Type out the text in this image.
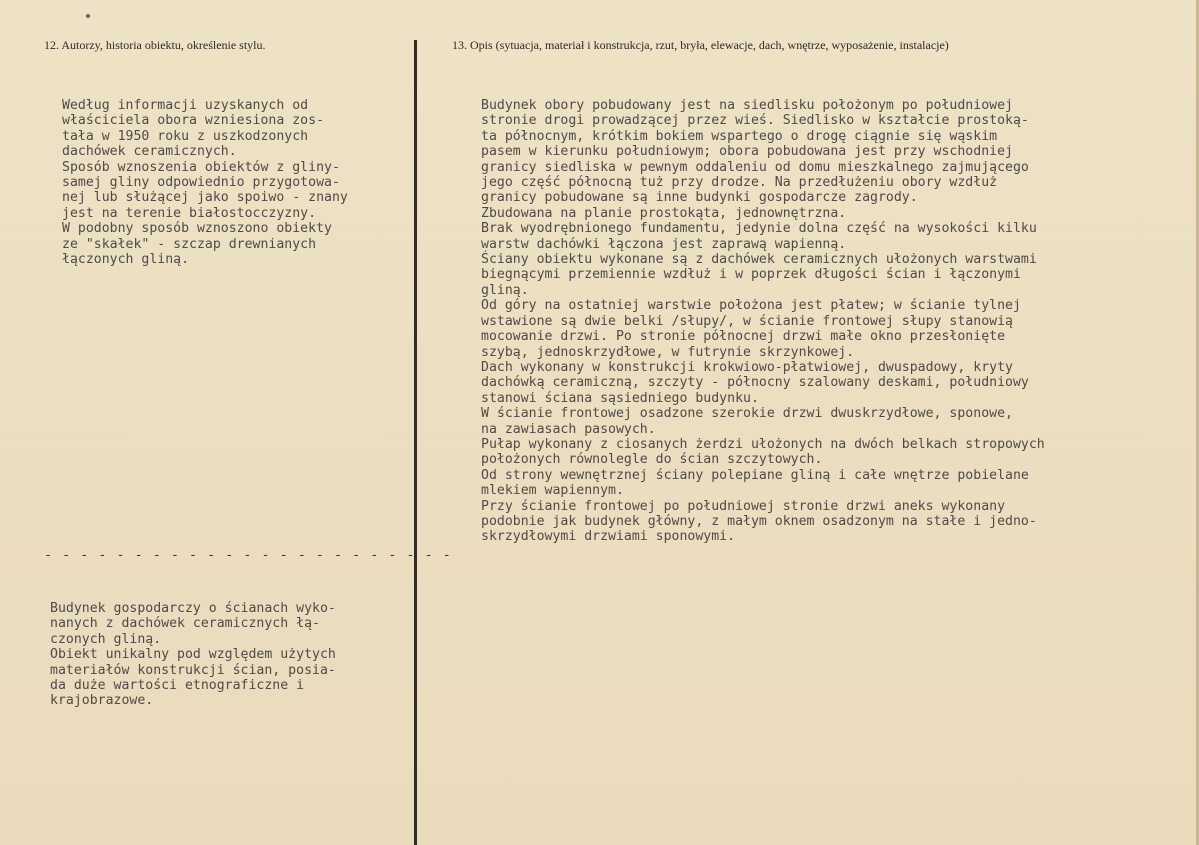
12. Autorzy, historia obiektu, określenie stylu.	13. Opis (sytuacja, materiał i konstrukcja, rzut, bryła, elewacje, dach, wnętrze, wyposażenie, instalacje)
Według informacji uzyskanych od
właściciela obora wzniesiona zos-
tała w 1950 roku z uszkodzonych
dachówek ceramicznych.
Sposób wznoszenia obiektów z gliny-
samej gliny odpowiednio przygotowa-
nej lub służącej jako spoiwo - znany
jest na terenie białostocczyzny.
W podobny sposób wznoszono obiekty
ze "skałek" - szczap drewnianych
łączonych gliną.
- - - - - - - - - - - - - - - - - - - - - - -
Budynek gospodarczy o ścianach wyko-
nanych z dachówek ceramicznych łą-
czonych gliną.
Obiekt unikalny pod względem użytych
materiałów konstrukcji ścian, posia-
da duże wartości etnograficzne i
krajobrazowe.
Budynek obory pobudowany jest na siedlisku położonym po południowej
stronie drogi prowadzącej przez wieś. Siedlisko w kształcie prostoką-
ta północnym, krótkim bokiem wspartego o drogę ciągnie się wąskim
pasem w kierunku południowym; obora pobudowana jest przy wschodniej
granicy siedliska w pewnym oddaleniu od domu mieszkalnego zajmującego
jego część północną tuż przy drodze. Na przedłużeniu obory wzdłuż
granicy pobudowane są inne budynki gospodarcze zagrody.
Zbudowana na planie prostokąta, jednownętrzna.
Brak wyodrębnionego fundamentu, jedynie dolna część na wysokości kilku
warstw dachówki łączona jest zaprawą wapienną.
Ściany obiektu wykonane są z dachówek ceramicznych ułożonych warstwami
biegnącymi przemiennie wzdłuż i w poprzek długości ścian i łączonymi
gliną.
Od góry na ostatniej warstwie położona jest płatew; w ścianie tylnej
wstawione są dwie belki /słupy/, w ścianie frontowej słupy stanowią
mocowanie drzwi. Po stronie północnej drzwi małe okno przesłonięte
szybą, jednoskrzydłowe, w futrynie skrzynkowej.
Dach wykonany w konstrukcji krokwiowo-płatwiowej, dwuspadowy, kryty
dachówką ceramiczną, szczyty - północny szalowany deskami, południowy
stanowi ściana sąsiedniego budynku.
W ścianie frontowej osadzone szerokie drzwi dwuskrzydłowe, sponowe,
na zawiasach pasowych.
Pułap wykonany z ciosanych żerdzi ułożonych na dwóch belkach stropowych
położonych równolegle do ścian szczytowych.
Od strony wewnętrznej ściany polepiane gliną i całe wnętrze pobielane
mlekiem wapiennym.
Przy ścianie frontowej po południowej stronie drzwi aneks wykonany
podobnie jak budynek główny, z małym oknem osadzonym na stałe i jedno-
skrzydłowymi drzwiami sponowymi.
